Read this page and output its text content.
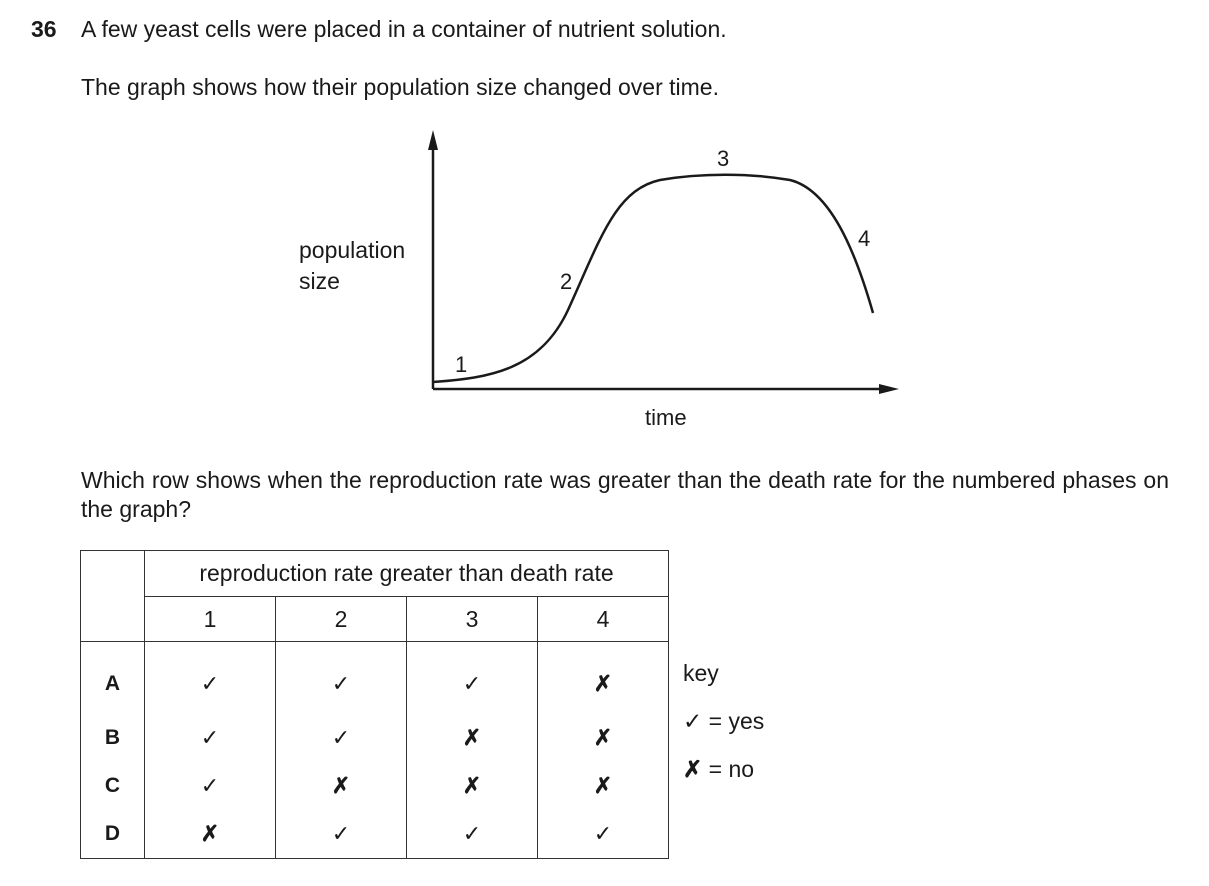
36 A few yeast cells were placed in a container of nutrient solution.
The graph shows how their population size changed over time.
population
size
1
2
3
4
time
Which row shows when the reproduction rate was greater than the death rate for the numbered phases on the graph?
	reproduction rate greater than death rate			
	1	2	3	4
A	✓	✓	✓	✗
B	✓	✓	✗	✗
C	✓	✗	✗	✗
D	✗	✓	✓	✓
key
✓ = yes
✗ = no
